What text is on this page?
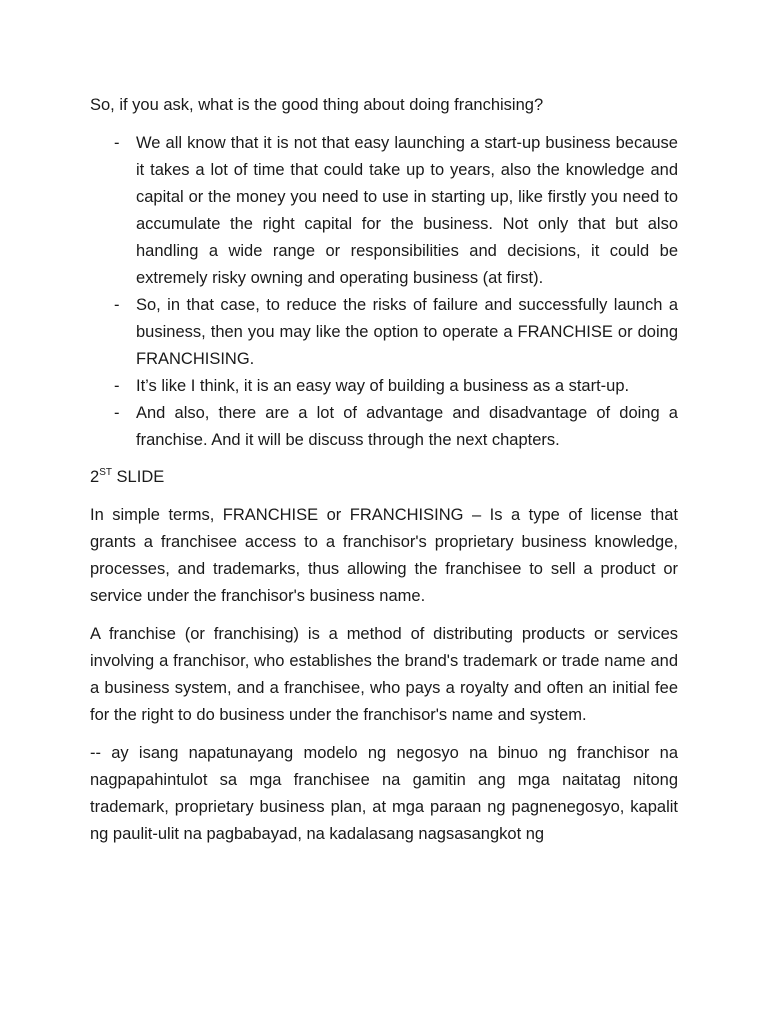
So, if you ask, what is the good thing about doing franchising?

- We all know that it is not that easy launching a start-up business because it takes a lot of time that could take up to years, also the knowledge and capital or the money you need to use in starting up, like firstly you need to accumulate the right capital for the business. Not only that but also handling a wide range or responsibilities and decisions, it could be extremely risky owning and operating business (at first).
- So, in that case, to reduce the risks of failure and successfully launch a business, then you may like the option to operate a FRANCHISE or doing FRANCHISING.
- It’s like I think, it is an easy way of building a business as a start-up.
- And also, there are a lot of advantage and disadvantage of doing a franchise. And it will be discuss through the next chapters.

2ST SLIDE

In simple terms, FRANCHISE or FRANCHISING – Is a type of license that grants a franchisee access to a franchisor's proprietary business knowledge, processes, and trademarks, thus allowing the franchisee to sell a product or service under the franchisor's business name.

A franchise (or franchising) is a method of distributing products or services involving a franchisor, who establishes the brand's trademark or trade name and a business system, and a franchisee, who pays a royalty and often an initial fee for the right to do business under the franchisor's name and system.

-- ay isang napatunayang modelo ng negosyo na binuo ng franchisor na nagpapahintulot sa mga franchisee na gamitin ang mga naitatag nitong trademark, proprietary business plan, at mga paraan ng pagnenegosyo, kapalit ng paulit-ulit na pagbabayad, na kadalasang nagsasangkot ng
